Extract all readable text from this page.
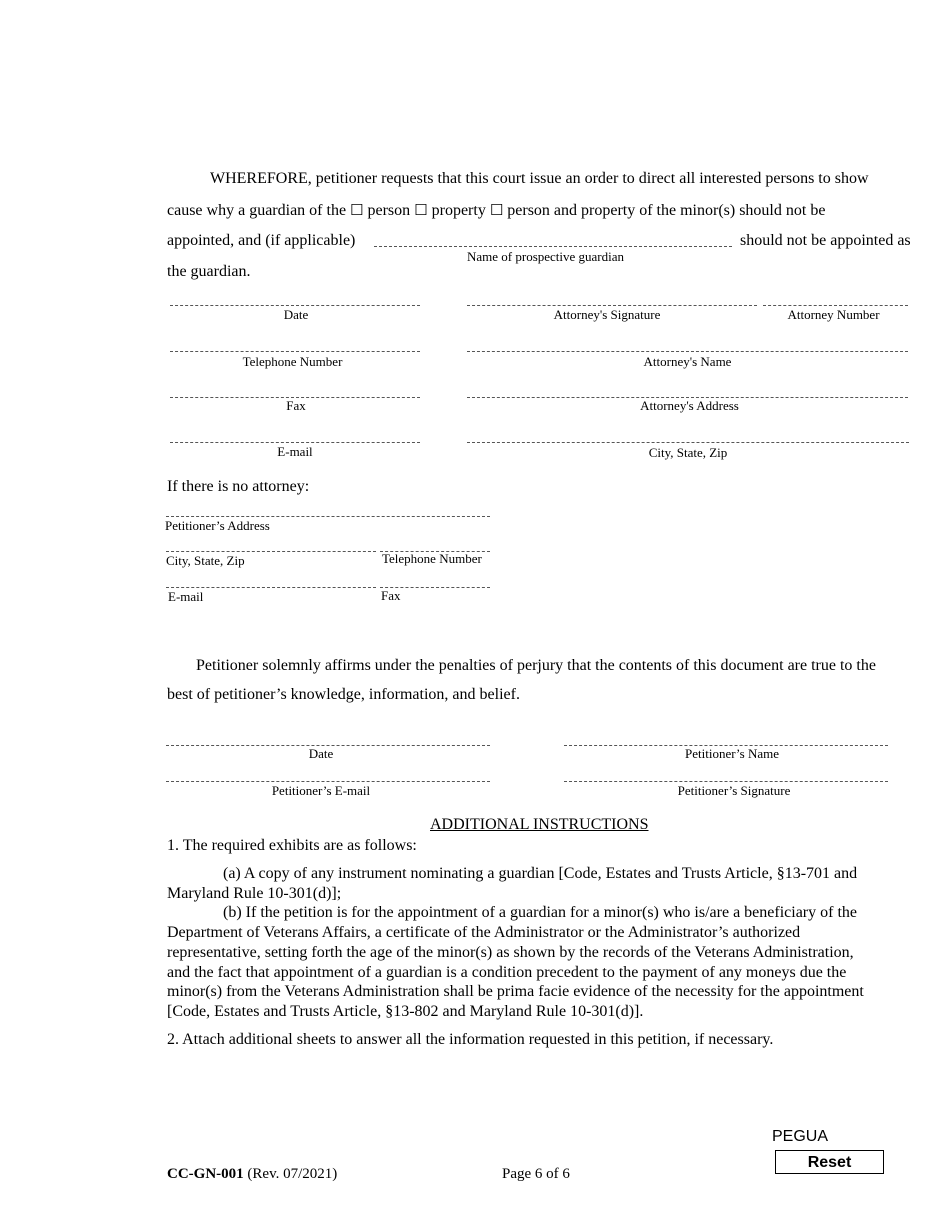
WHEREFORE, petitioner requests that this court issue an order to direct all interested persons to show
cause why a guardian of the ☐ person ☐ property ☐ person and property of the minor(s) should not be
appointed, and (if applicable)	should not be appointed as
Name of prospective guardian
the guardian.
Date	Attorney's Signature	Attorney Number
Telephone Number	Attorney's Name
Fax	Attorney's Address
E-mail	City, State, Zip
If there is no attorney:
Petitioner’s Address
City, State, Zip	Telephone Number
E-mail	Fax
Petitioner solemnly affirms under the penalties of perjury that the contents of this document are true to the
best of petitioner’s knowledge, information, and belief.
Date	Petitioner’s Name
Petitioner’s E-mail	Petitioner’s Signature
ADDITIONAL INSTRUCTIONS
1. The required exhibits are as follows:
(a) A copy of any instrument nominating a guardian [Code, Estates and Trusts Article, §13-701 and
Maryland Rule 10-301(d)];
(b) If the petition is for the appointment of a guardian for a minor(s) who is/are a beneficiary of the
Department of Veterans Affairs, a certificate of the Administrator or the Administrator’s authorized
representative, setting forth the age of the minor(s) as shown by the records of the Veterans Administration,
and the fact that appointment of a guardian is a condition precedent to the payment of any moneys due the
minor(s) from the Veterans Administration shall be prima facie evidence of the necessity for the appointment
[Code, Estates and Trusts Article, §13-802 and Maryland Rule 10-301(d)].
2. Attach additional sheets to answer all the information requested in this petition, if necessary.
PEGUA
Reset
CC-GN-001 (Rev. 07/2021)	Page 6 of 6
